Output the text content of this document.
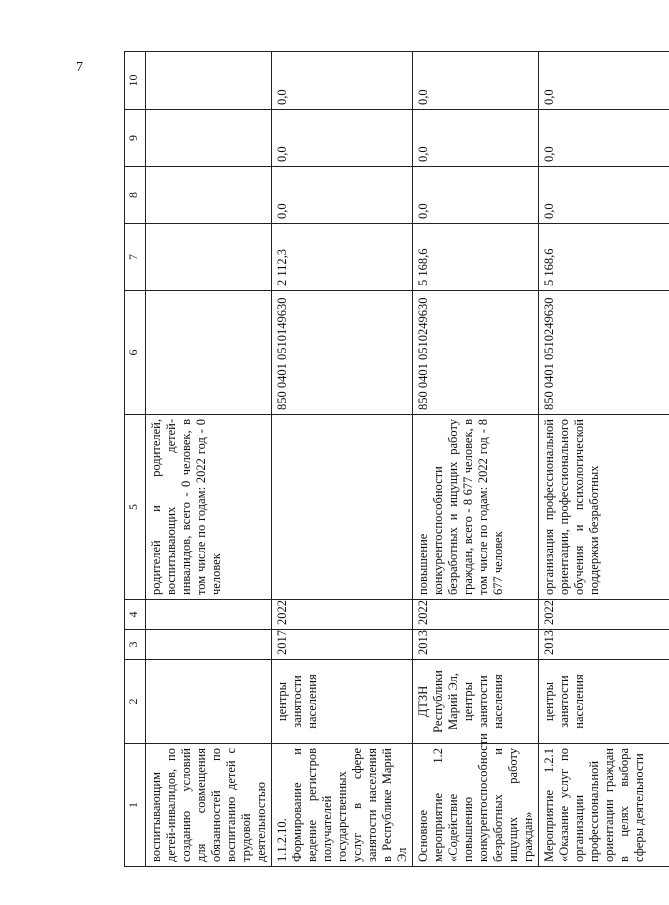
7
1	2	3	4	5	6	7	8	9	10
воспитывающим детей-инвалидов, по созданию условий для совмещения обязанностей по воспитанию детей с трудовой деятельностью				родителей и родителей, воспитывающих детей-инвалидов, всего - 0 человек, в том числе по годам: 2022 год - 0 человек					
1.1.2.10. Формирование и ведение регистров получателей государственных услуг в сфере занятости населения в Республике Марий Эл	центры занятости населения	2017	2022		850 0401 0510149630	2 112,3	0,0	0,0	0,0
Основное мероприятие 1.2 «Содействие повышению конкурентоспособности безработных и ищущих работу граждан»	ДТЗН Республики Марий Эл, центры занятости населения	2013	2022	повышение конкурентоспособности безработных и ищущих работу граждан, всего - 8 677 человек, в том числе по годам: 2022 год - 8 677 человек	850 0401 0510249630	5 168,6	0,0	0,0	0,0
Мероприятие 1.2.1 «Оказание услуг по организации профессиональной ориентации граждан в целях выбора сферы деятельности	центры занятости населения	2013	2022	организация профессиональной ориентации, профессионального обучения и психологической поддержки безработных	850 0401 0510249630	5 168,6	0,0	0,0	0,0
